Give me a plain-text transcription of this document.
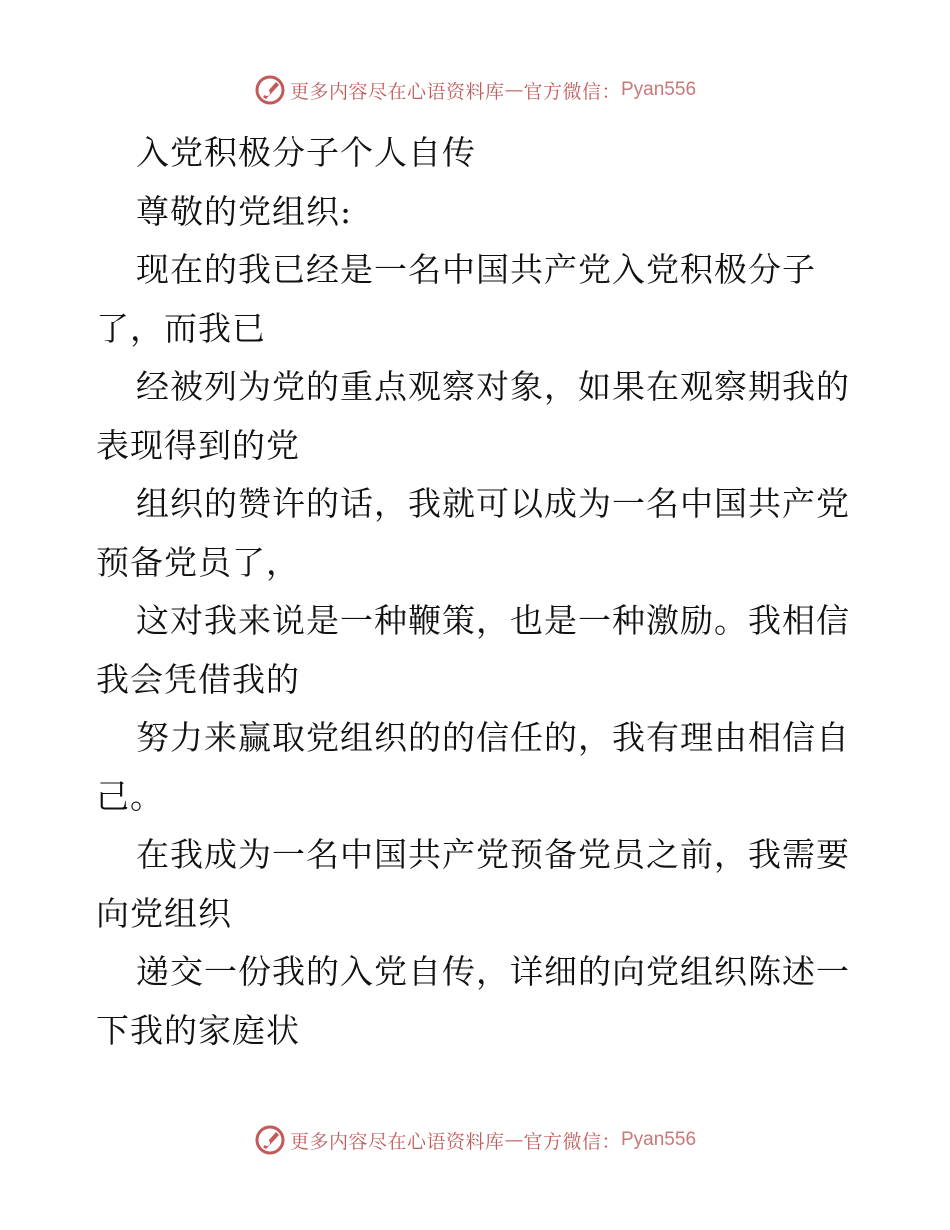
更多内容尽在心语资料库 — 官方微信： Pyan556
入党积极分子个人自传
尊敬的党组织:
现在的我已经是一名中国共产党入党积极分子
了，而我已
经被列为党的重点观察对象，如果在观察期我的
表现得到的党
组织的赞许的话，我就可以成为一名中国共产党
预备党员了，
这对我来说是一种鞭策，也是一种激励。我相信
我会凭借我的
努力来赢取党组织的的信任的，我有理由相信自
己。
在我成为一名中国共产党预备党员之前，我需要
向党组织
递交一份我的入党自传，详细的向党组织陈述一
下我的家庭状
更多内容尽在心语资料库 — 官方微信： Pyan556
